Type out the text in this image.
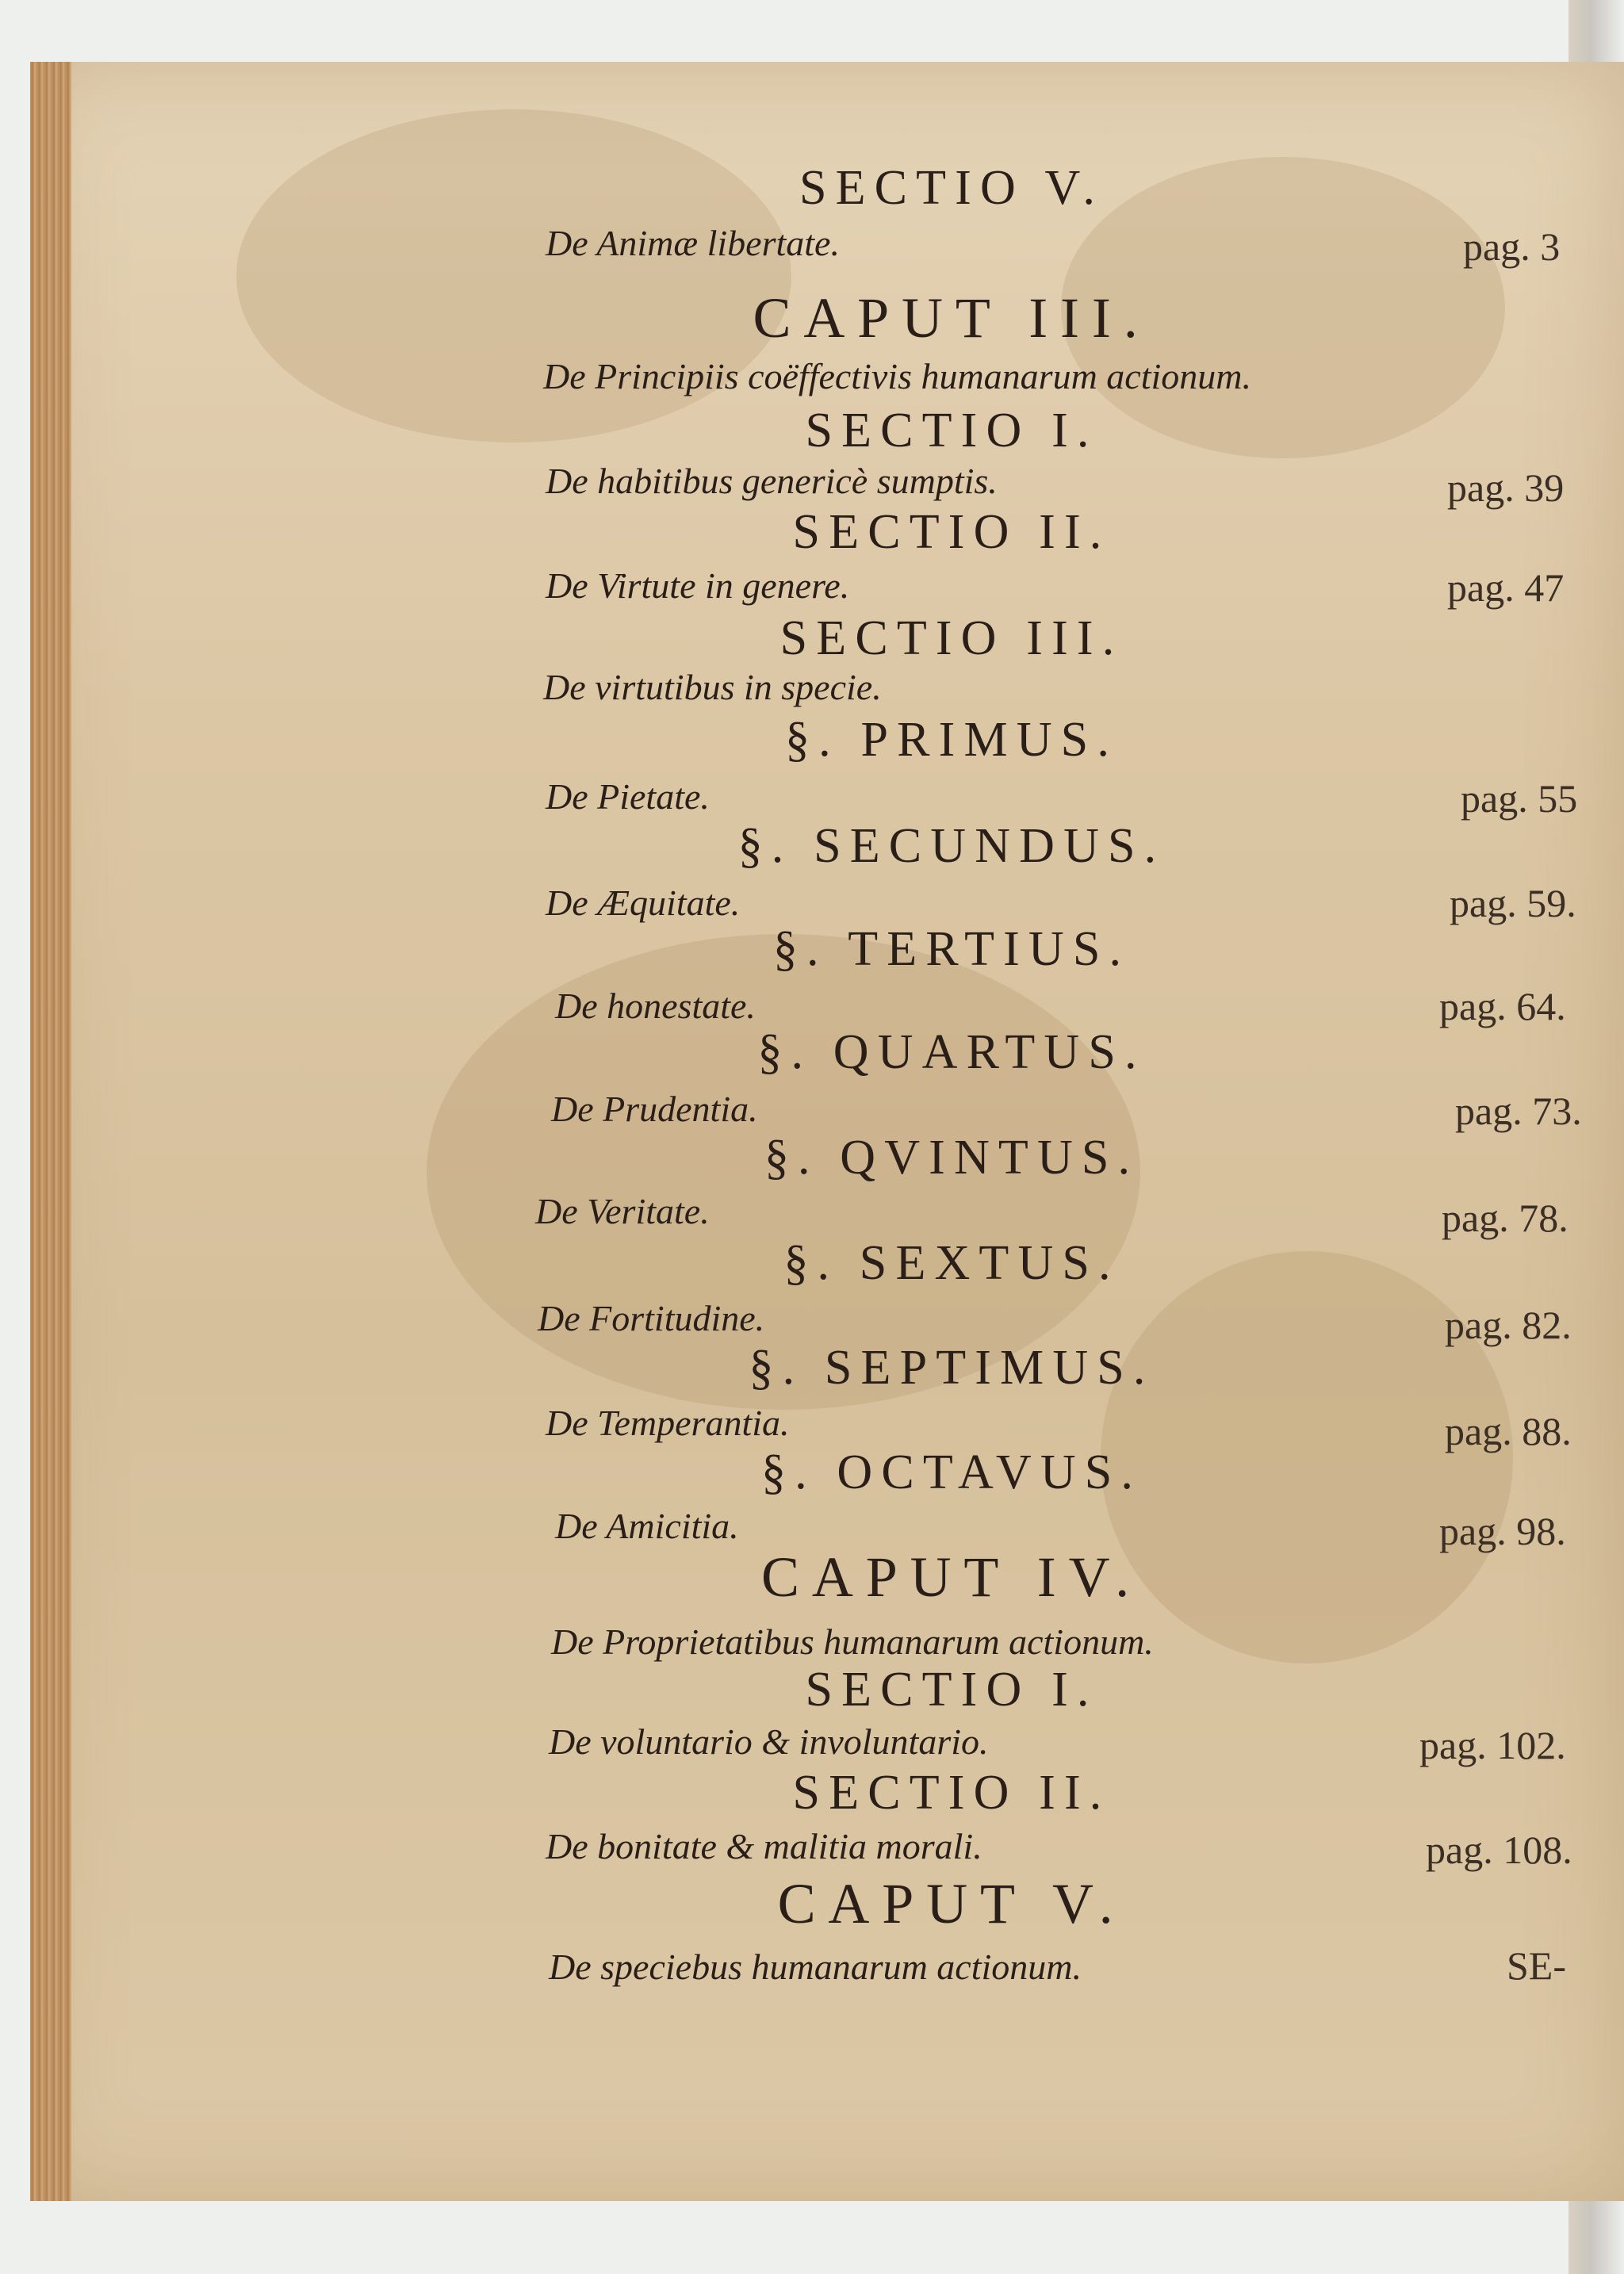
SECTIO V.
De Animæ libertate.	pag. 3
CAPUT III.
De Principiis coëffectivis humanarum actionum.
SECTIO I.
De habitibus genericè sumptis.	pag. 39
SECTIO II.
De Virtute in genere.	pag. 47
SECTIO III.
De virtutibus in specie.
§. PRIMUS.
De Pietate.	pag. 55
§. SECUNDUS.
De Æquitate.	pag. 59.
§. TERTIUS.
De honestate.	pag. 64.
§. QUARTUS.
De Prudentia.	pag. 73.
§. QVINTUS.
De Veritate.	pag. 78.
§. SEXTUS.
De Fortitudine.	pag. 82.
§. SEPTIMUS.
De Temperantia.	pag. 88.
§. OCTAVUS.
De Amicitia.	pag. 98.
CAPUT IV.
De Proprietatibus humanarum actionum.
SECTIO I.
De voluntario & involuntario.	pag. 102.
SECTIO II.
De bonitate & malitia morali.	pag. 108.
CAPUT V.
De speciebus humanarum actionum.	SE-
